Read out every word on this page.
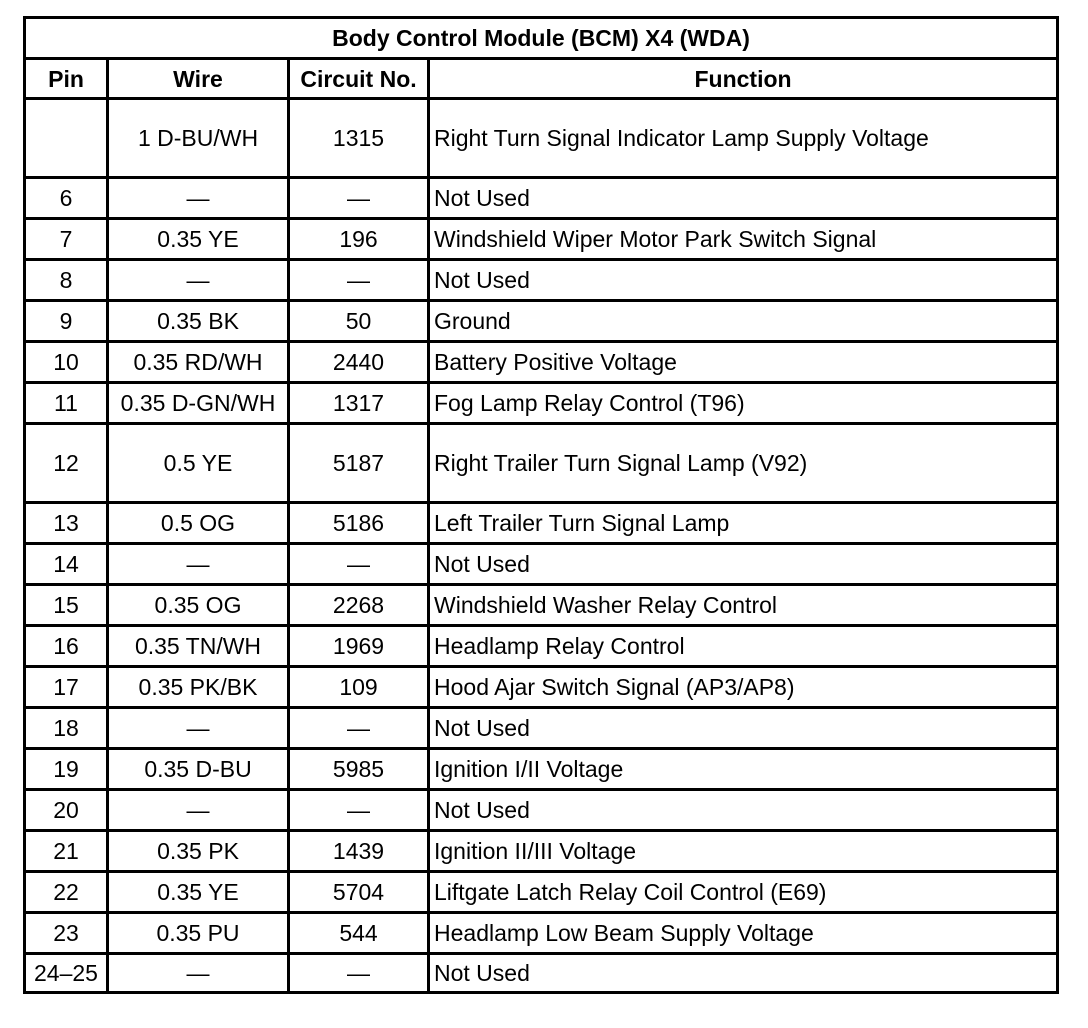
Body Control Module (BCM) X4 (WDA)			
Pin	Wire	Circuit No.	Function
	1 D-BU/WH	1315	Right Turn Signal Indicator Lamp Supply Voltage
6	—	—	Not Used
7	0.35 YE	196	Windshield Wiper Motor Park Switch Signal
8	—	—	Not Used
9	0.35 BK	50	Ground
10	0.35 RD/WH	2440	Battery Positive Voltage
11	0.35 D-GN/WH	1317	Fog Lamp Relay Control (T96)
12	0.5 YE	5187	Right Trailer Turn Signal Lamp (V92)
13	0.5 OG	5186	Left Trailer Turn Signal Lamp
14	—	—	Not Used
15	0.35 OG	2268	Windshield Washer Relay Control
16	0.35 TN/WH	1969	Headlamp Relay Control
17	0.35 PK/BK	109	Hood Ajar Switch Signal (AP3/AP8)
18	—	—	Not Used
19	0.35 D-BU	5985	Ignition I/II Voltage
20	—	—	Not Used
21	0.35 PK	1439	Ignition II/III Voltage
22	0.35 YE	5704	Liftgate Latch Relay Coil Control (E69)
23	0.35 PU	544	Headlamp Low Beam Supply Voltage
24–25	—	—	Not Used
